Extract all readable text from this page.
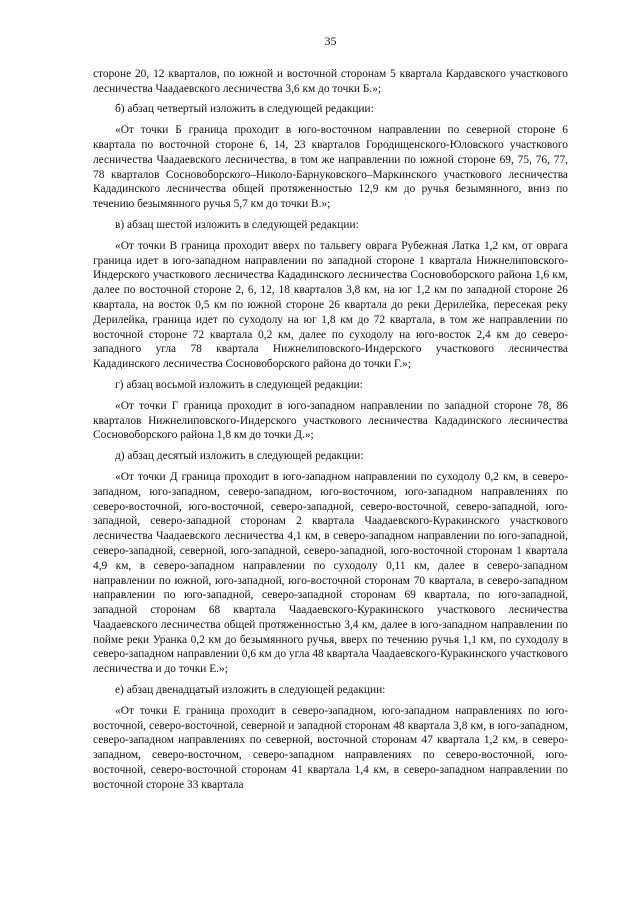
35

стороне 20, 12 кварталов, по южной и восточной сторонам 5 квартала Кардавского участкового лесничества Чаадаевского лесничества 3,6 км до точки Б.»;

б) абзац четвертый изложить в следующей редакции:

«От точки Б граница проходит в юго-восточном направлении по северной стороне 6 квартала по восточной стороне 6, 14, 23 кварталов Городищенского-Юловского участкового лесничества Чаадаевского лесничества, в том же направлении по южной стороне 69, 75, 76, 77, 78 кварталов Сосновоборского–Николо-Барнуковского–Маркинского участкового лесничества Кададинского лесничества общей протяженностью 12,9 км до ручья безымянного, вниз по течению безымянного ручья 5,7 км до точки В.»;

в) абзац шестой изложить в следующей редакции:

«От точки В граница проходит вверх по тальвегу оврага Рубежная Латка 1,2 км, от оврага граница идет в юго-западном направлении по западной стороне 1 квартала Нижнелиповского-Индерского участкового лесничества Кададинского лесничества Сосновоборского района 1,6 км, далее по восточной стороне 2, 6, 12, 18 кварталов 3,8 км, на юг 1,2 км по западной стороне 26 квартала, на восток 0,5 км по южной стороне 26 квартала до реки Дерилейка, пересекая реку Дерилейка, граница идет по суходолу на юг 1,8 км до 72 квартала, в том же направлении по восточной стороне 72 квартала 0,2 км, далее по суходолу на юго-восток 2,4 км до северо-западного угла 78 квартала Нижнелиповского-Индерского участкового лесничества Кададинского лесничества Сосновоборского района до точки Г.»;

г) абзац восьмой изложить в следующей редакции:

«От точки Г граница проходит в юго-западном направлении по западной стороне 78, 86 кварталов Нижнелиповского-Индерского участкового лесничества Кададинского лесничества Сосновоборского района 1,8 км до точки Д.»;

д) абзац десятый изложить в следующей редакции:

«От точки Д граница проходит в юго-западном направлении по суходолу 0,2 км, в северо-западном, юго-западном, северо-западном, юго-восточном, юго-западном направлениях по северо-восточной, юго-восточной, северо-западной, северо-восточной, северо-западной, юго-западной, северо-западной сторонам 2 квартала Чаадаевского-Куракинского участкового лесничества Чаадаевского лесничества 4,1 км, в северо-западном направлении по юго-западной, северо-западной, северной, юго-западной, северо-западной, юго-восточной сторонам 1 квартала 4,9 км, в северо-западном направлении по суходолу 0,11 км, далее в северо-западном направлении по южной, юго-западной, юго-восточной сторонам 70 квартала, в северо-западном направлении по юго-западной, северо-западной сторонам 69 квартала, по юго-западной, западной сторонам 68 квартала Чаадаевского-Куракинского участкового лесничества Чаадаевского лесничества общей протяженностью 3,4 км, далее в юго-западном направлении по пойме реки Уранка 0,2 км до безымянного ручья, вверх по течению ручья 1,1 км, по суходолу в северо-западном направлении 0,6 км до угла 48 квартала Чаадаевского-Куракинского участкового лесничества и до точки Е.»;

е) абзац двенадцатый изложить в следующей редакции:

«От точки Е граница проходит в северо-западном, юго-западном направлениях по юго-восточной, северо-восточной, северной и западной сторонам 48 квартала 3,8 км, в юго-западном, северо-западном направлениях по северной, восточной сторонам 47 квартала 1,2 км, в северо-западном, северо-восточном, северо-западном направлениях по северо-восточной, юго-восточной, северо-восточной сторонам 41 квартала 1,4 км, в северо-западном направлении по восточной стороне 33 квартала
